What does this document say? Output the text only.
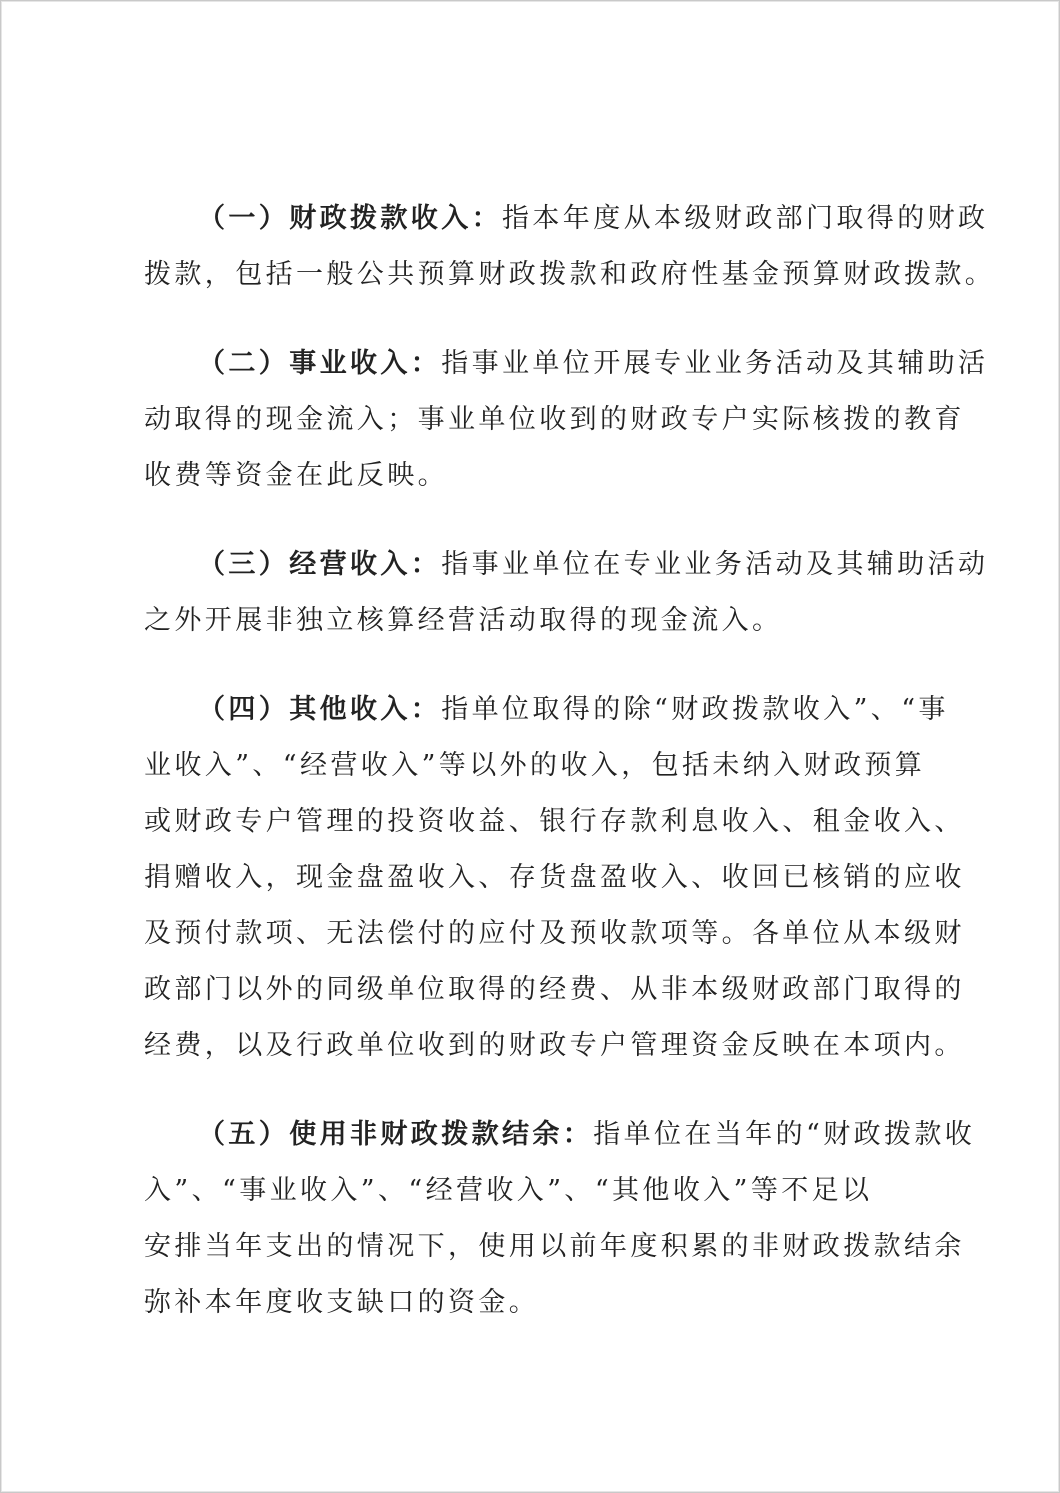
（一）财政拨款收入：指本年度从本级财政部门取得的财政
拨款，包括一般公共预算财政拨款和政府性基金预算财政拨款。
（二）事业收入：指事业单位开展专业业务活动及其辅助活
动取得的现金流入；事业单位收到的财政专户实际核拨的教育
收费等资金在此反映。
（三）经营收入：指事业单位在专业业务活动及其辅助活动
之外开展非独立核算经营活动取得的现金流入。
（四）其他收入：指单位取得的除“财政拨款收入”、“事
业收入”、“经营收入”等以外的收入，包括未纳入财政预算
或财政专户管理的投资收益、银行存款利息收入、租金收入、
捐赠收入，现金盘盈收入、存货盘盈收入、收回已核销的应收
及预付款项、无法偿付的应付及预收款项等。各单位从本级财
政部门以外的同级单位取得的经费、从非本级财政部门取得的
经费，以及行政单位收到的财政专户管理资金反映在本项内。
（五）使用非财政拨款结余：指单位在当年的“财政拨款收
入”、“事业收入”、“经营收入”、“其他收入”等不足以
安排当年支出的情况下，使用以前年度积累的非财政拨款结余
弥补本年度收支缺口的资金。
